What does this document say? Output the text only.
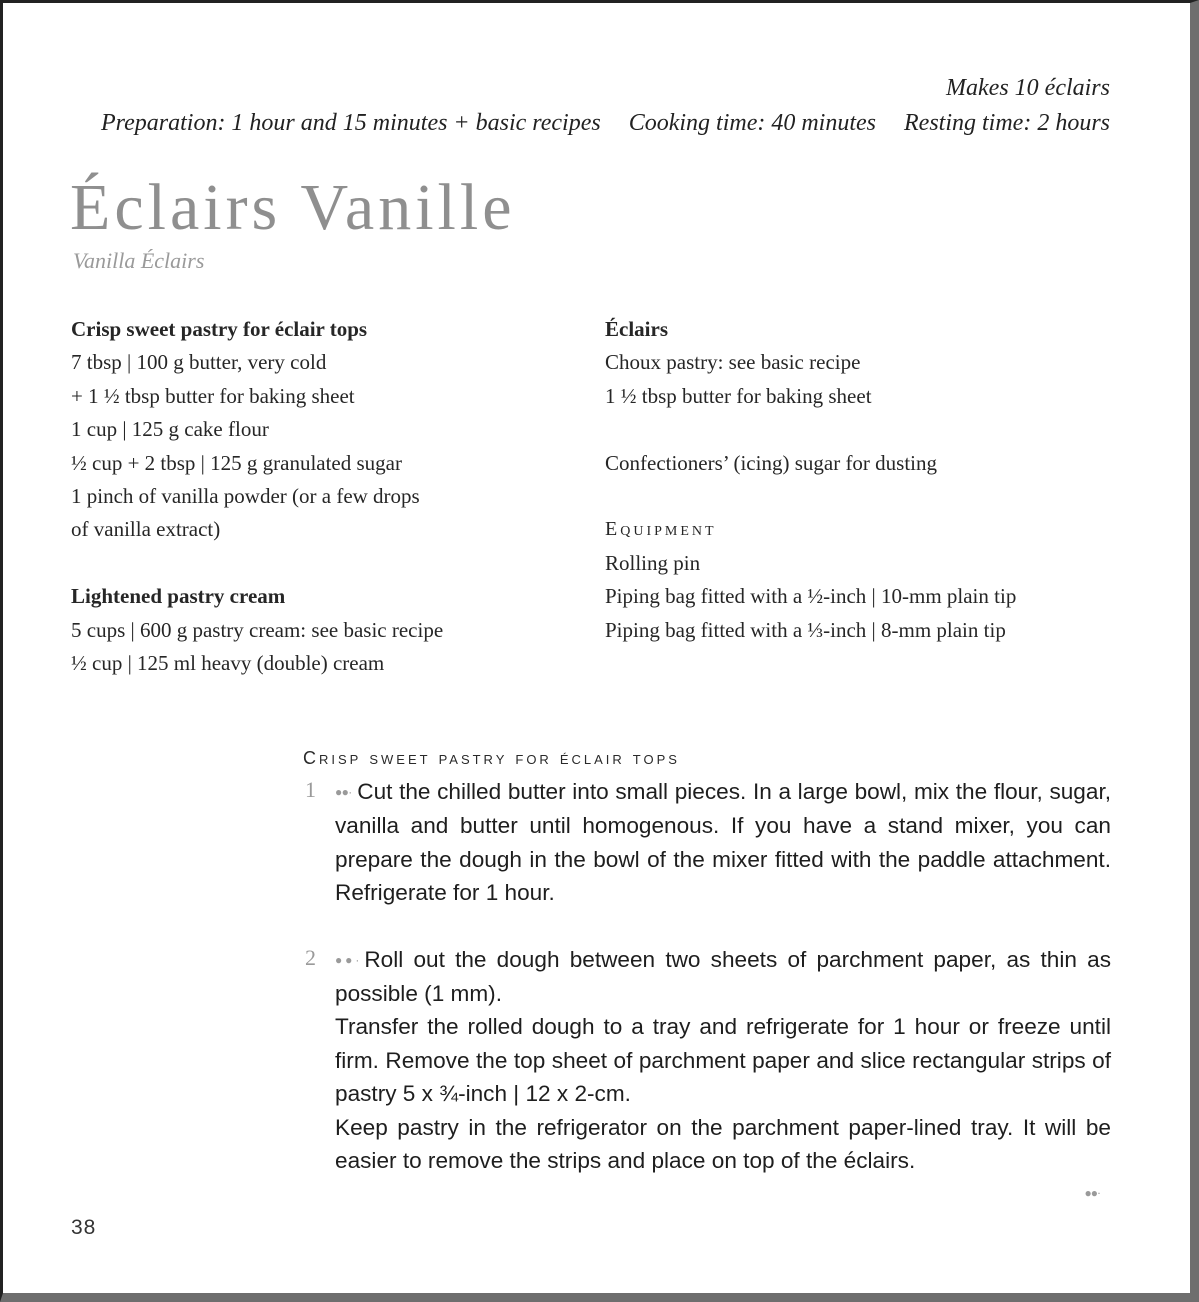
Makes 10 éclairs
Preparation: 1 hour and 15 minutes + basic recipes Cooking time: 40 minutes Resting time: 2 hours
Éclairs Vanille
Vanilla Éclairs
Crisp sweet pastry for éclair tops
7 tbsp | 100 g butter, very cold
+ 1 ½ tbsp butter for baking sheet
1 cup | 125 g cake flour
½ cup + 2 tbsp | 125 g granulated sugar
1 pinch of vanilla powder (or a few drops
of vanilla extract)
Lightened pastry cream
5 cups | 600 g pastry cream: see basic recipe
½ cup | 125 ml heavy (double) cream
Éclairs
Choux pastry: see basic recipe
1 ½ tbsp butter for baking sheet
Confectioners’ (icing) sugar for dusting
Equipment
Rolling pin
Piping bag fitted with a ½-inch | 10-mm plain tip
Piping bag fitted with a ⅓-inch | 8-mm plain tip
Crisp sweet pastry for éclair tops
1 ●●· Cut the chilled butter into small pieces. In a large bowl, mix the flour, sugar, vanilla and butter until homogenous. If you have a stand mixer, you can prepare the dough in the bowl of the mixer fitted with the paddle attachment. Refrigerate for 1 hour.
2 ●●· Roll out the dough between two sheets of parchment paper, as thin as possible (1 mm).
Transfer the rolled dough to a tray and refrigerate for 1 hour or freeze until firm. Remove the top sheet of parchment paper and slice rectangular strips of pastry 5 x ¾-inch | 12 x 2-cm.
Keep pastry in the refrigerator on the parchment paper-lined tray. It will be easier to remove the strips and place on top of the éclairs.
●●·
38
